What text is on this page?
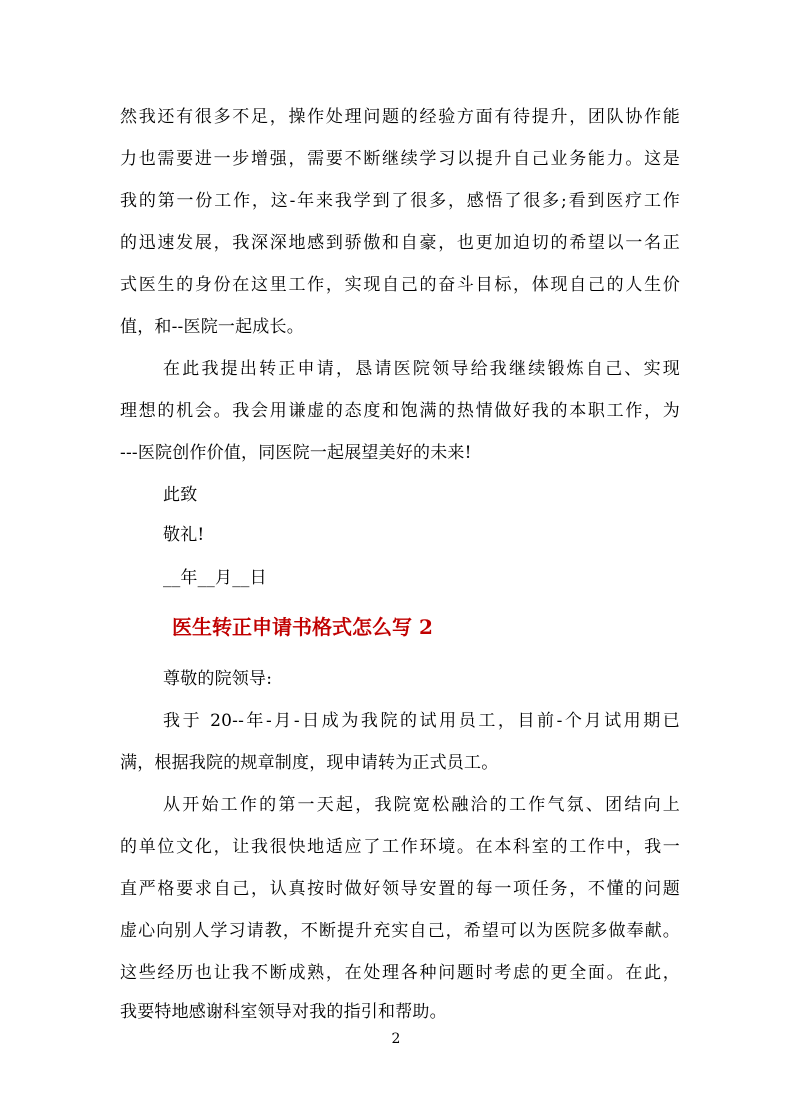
然我还有很多不足，操作处理问题的经验方面有待提升，团队协作能
力也需要进一步增强，需要不断继续学习以提升自己业务能力。这是
我的第一份工作，这-年来我学到了很多，感悟了很多;看到医疗工作
的迅速发展，我深深地感到骄傲和自豪，也更加迫切的希望以一名正
式医生的身份在这里工作，实现自己的奋斗目标，体现自己的人生价
值，和--医院一起成长。
在此我提出转正申请，恳请医院领导给我继续锻炼自己、实现
理想的机会。我会用谦虚的态度和饱满的热情做好我的本职工作，为
---医院创作价值，同医院一起展望美好的未来!
此致
敬礼!
__年__月__日
医生转正申请书格式怎么写 2
尊敬的院领导:
我于 20--年-月-日成为我院的试用员工，目前-个月试用期已
满，根据我院的规章制度，现申请转为正式员工。
从开始工作的第一天起，我院宽松融洽的工作气氛、团结向上
的单位文化，让我很快地适应了工作环境。在本科室的工作中，我一
直严格要求自己，认真按时做好领导安置的每一项任务，不懂的问题
虚心向别人学习请教，不断提升充实自己，希望可以为医院多做奉献。
这些经历也让我不断成熟，在处理各种问题时考虑的更全面。在此，
我要特地感谢科室领导对我的指引和帮助。
2
